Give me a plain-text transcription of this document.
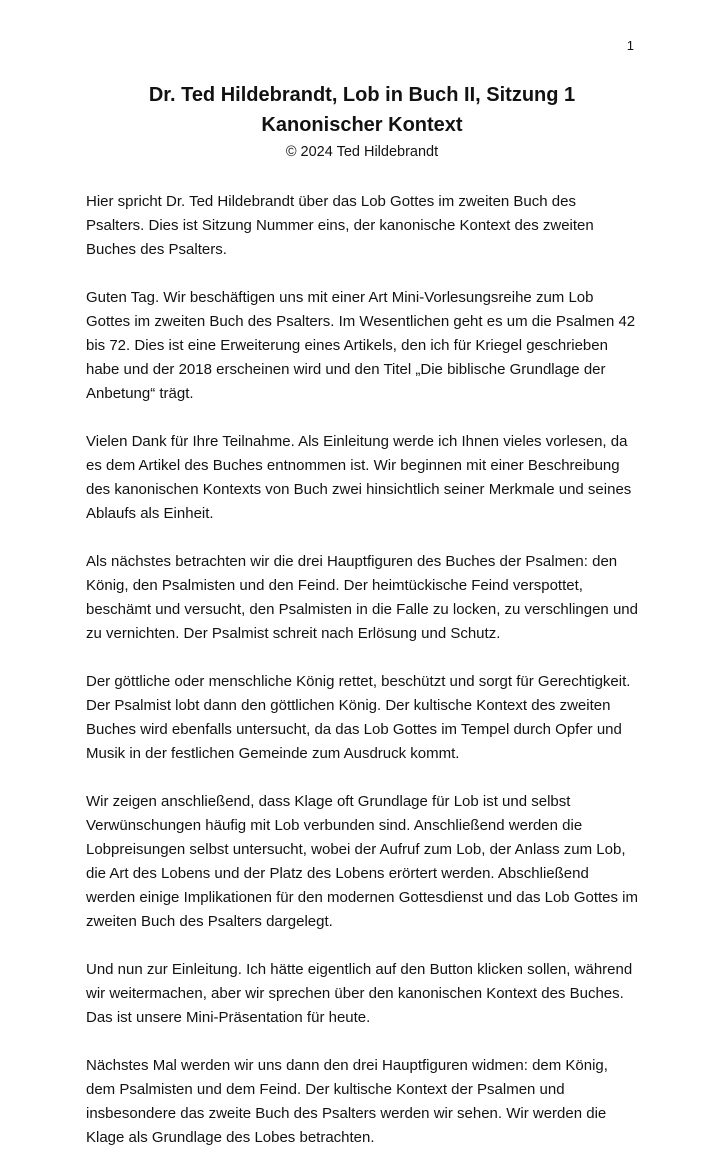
1
Dr. Ted Hildebrandt, Lob in Buch II, Sitzung 1
Kanonischer Kontext
© 2024 Ted Hildebrandt

Hier spricht Dr. Ted Hildebrandt über das Lob Gottes im zweiten Buch des Psalters. Dies ist Sitzung Nummer eins, der kanonische Kontext des zweiten Buches des Psalters.

Guten Tag. Wir beschäftigen uns mit einer Art Mini-Vorlesungsreihe zum Lob Gottes im zweiten Buch des Psalters. Im Wesentlichen geht es um die Psalmen 42 bis 72. Dies ist eine Erweiterung eines Artikels, den ich für Kriegel geschrieben habe und der 2018 erscheinen wird und den Titel „Die biblische Grundlage der Anbetung“ trägt.

Vielen Dank für Ihre Teilnahme. Als Einleitung werde ich Ihnen vieles vorlesen, da es dem Artikel des Buches entnommen ist. Wir beginnen mit einer Beschreibung des kanonischen Kontexts von Buch zwei hinsichtlich seiner Merkmale und seines Ablaufs als Einheit.

Als nächstes betrachten wir die drei Hauptfiguren des Buches der Psalmen: den König, den Psalmisten und den Feind. Der heimtückische Feind verspottet, beschämt und versucht, den Psalmisten in die Falle zu locken, zu verschlingen und zu vernichten. Der Psalmist schreit nach Erlösung und Schutz.

Der göttliche oder menschliche König rettet, beschützt und sorgt für Gerechtigkeit. Der Psalmist lobt dann den göttlichen König. Der kultische Kontext des zweiten Buches wird ebenfalls untersucht, da das Lob Gottes im Tempel durch Opfer und Musik in der festlichen Gemeinde zum Ausdruck kommt.

Wir zeigen anschließend, dass Klage oft Grundlage für Lob ist und selbst Verwünschungen häufig mit Lob verbunden sind. Anschließend werden die Lobpreisungen selbst untersucht, wobei der Aufruf zum Lob, der Anlass zum Lob, die Art des Lobens und der Platz des Lobens erörtert werden. Abschließend werden einige Implikationen für den modernen Gottesdienst und das Lob Gottes im zweiten Buch des Psalters dargelegt.

Und nun zur Einleitung. Ich hätte eigentlich auf den Button klicken sollen, während wir weitermachen, aber wir sprechen über den kanonischen Kontext des Buches. Das ist unsere Mini-Präsentation für heute.

Nächstes Mal werden wir uns dann den drei Hauptfiguren widmen: dem König, dem Psalmisten und dem Feind. Der kultische Kontext der Psalmen und insbesondere das zweite Buch des Psalters werden wir sehen. Wir werden die Klage als Grundlage des Lobes betrachten.
